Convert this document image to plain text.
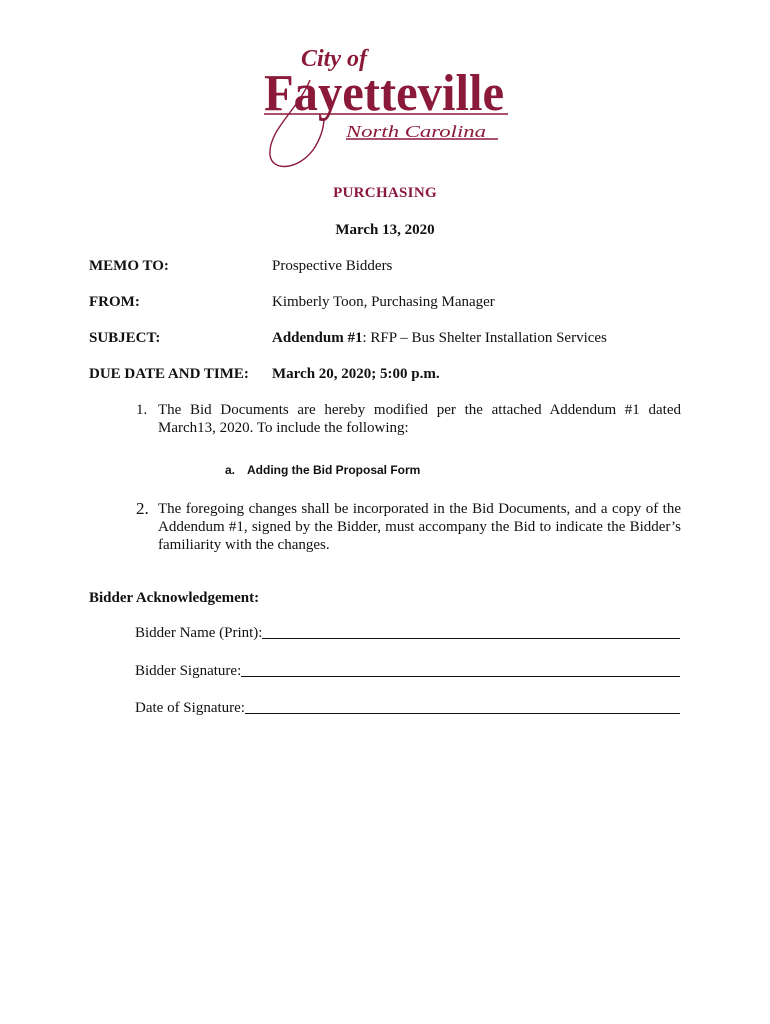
City of
Fayetteville
North Carolina
PURCHASING
March 13, 2020
MEMO TO:	Prospective Bidders
FROM:	Kimberly Toon, Purchasing Manager
SUBJECT:	Addendum #1: RFP – Bus Shelter Installation Services
DUE DATE AND TIME: March 20, 2020; 5:00 p.m.
1. The Bid Documents are hereby modified per the attached Addendum #1 dated
March13, 2020. To include the following:
a. Adding the Bid Proposal Form
2. The foregoing changes shall be incorporated in the Bid Documents, and a copy of the
Addendum #1, signed by the Bidder, must accompany the Bid to indicate the Bidder’s
familiarity with the changes.
Bidder Acknowledgement:
Bidder Name (Print):
Bidder Signature:
Date of Signature:
